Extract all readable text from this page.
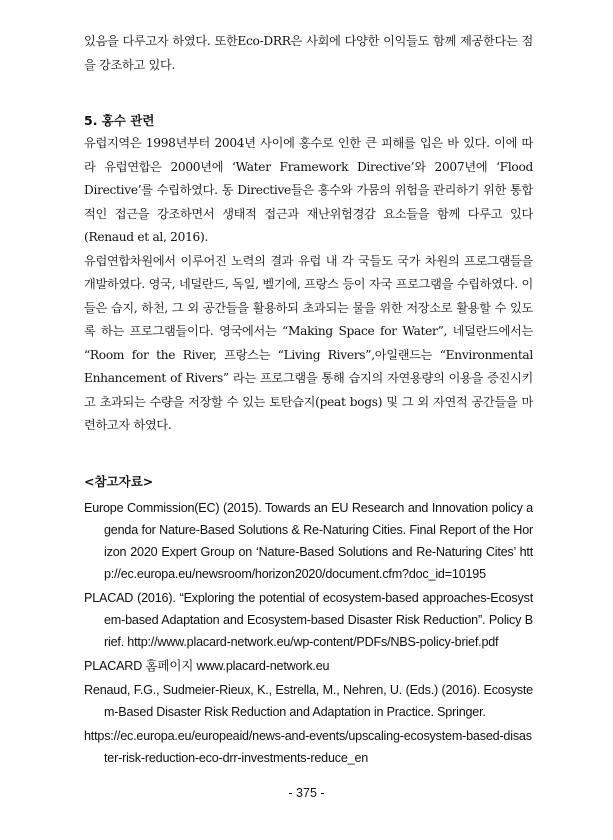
있음을 다루고자 하였다. 또한Eco-DRR은 사회에 다양한 이익들도 함께 제공한다는 점을 강조하고 있다.

5. 홍수 관련

유럽지역은 1998년부터 2004년 사이에 홍수로 인한 큰 피해를 입은 바 있다. 이에 따라 유럽연합은 2000년에 ‘Water Framework Directive’와 2007년에 ‘Flood Directive’를 수립하였다. 동 Directive들은 홍수와 가뭄의 위험을 관리하기 위한 통합적인 접근을 강조하면서 생태적 접근과 재난위험경감 요소들을 함께 다루고 있다(Renaud et al, 2016).

유럽연합차원에서 이루어진 노력의 결과 유럽 내 각 국들도 국가 차원의 프로그램들을 개발하였다. 영국, 네덜란드, 독일, 벨기에, 프랑스 등이 자국 프로그램을 수립하였다. 이들은 습지, 하천, 그 외 공간들을 활용하되 초과되는 물을 위한 저장소로 활용할 수 있도록 하는 프로그램들이다. 영국에서는 “Making Space for Water”, 네덜란드에서는 “Room for the River, 프랑스는 “Living Rivers”,아일랜드는 “Environmental Enhancement of Rivers” 라는 프로그램을 통해 습지의 자연용량의 이용을 증진시키고 초과되는 수량을 저장할 수 있는 토탄습지(peat bogs) 및 그 외 자연적 공간들을 마련하고자 하였다.

<참고자료>
Europe Commission(EC) (2015). Towards an EU Research and Innovation policy agenda for Nature-Based Solutions & Re-Naturing Cities. Final Report of the Horizon 2020 Expert Group on ‘Nature-Based Solutions and Re-Naturing Cites’ http://ec.europa.eu/newsroom/horizon2020/document.cfm?doc_id=10195
PLACAD (2016). “Exploring the potential of ecosystem-based approaches-Ecosystem-based Adaptation and Ecosystem-based Disaster Risk Reduction”. Policy Brief. http://www.placard-network.eu/wp-content/PDFs/NBS-policy-brief.pdf
PLACARD 홈페이지 www.placard-network.eu
Renaud, F.G., Sudmeier-Rieux, K., Estrella, M., Nehren, U. (Eds.) (2016). Ecosystem-Based Disaster Risk Reduction and Adaptation in Practice. Springer.
https://ec.europa.eu/europeaid/news-and-events/upscaling-ecosystem-based-disaster-risk-reduction-eco-drr-investments-reduce_en
- 375 -
